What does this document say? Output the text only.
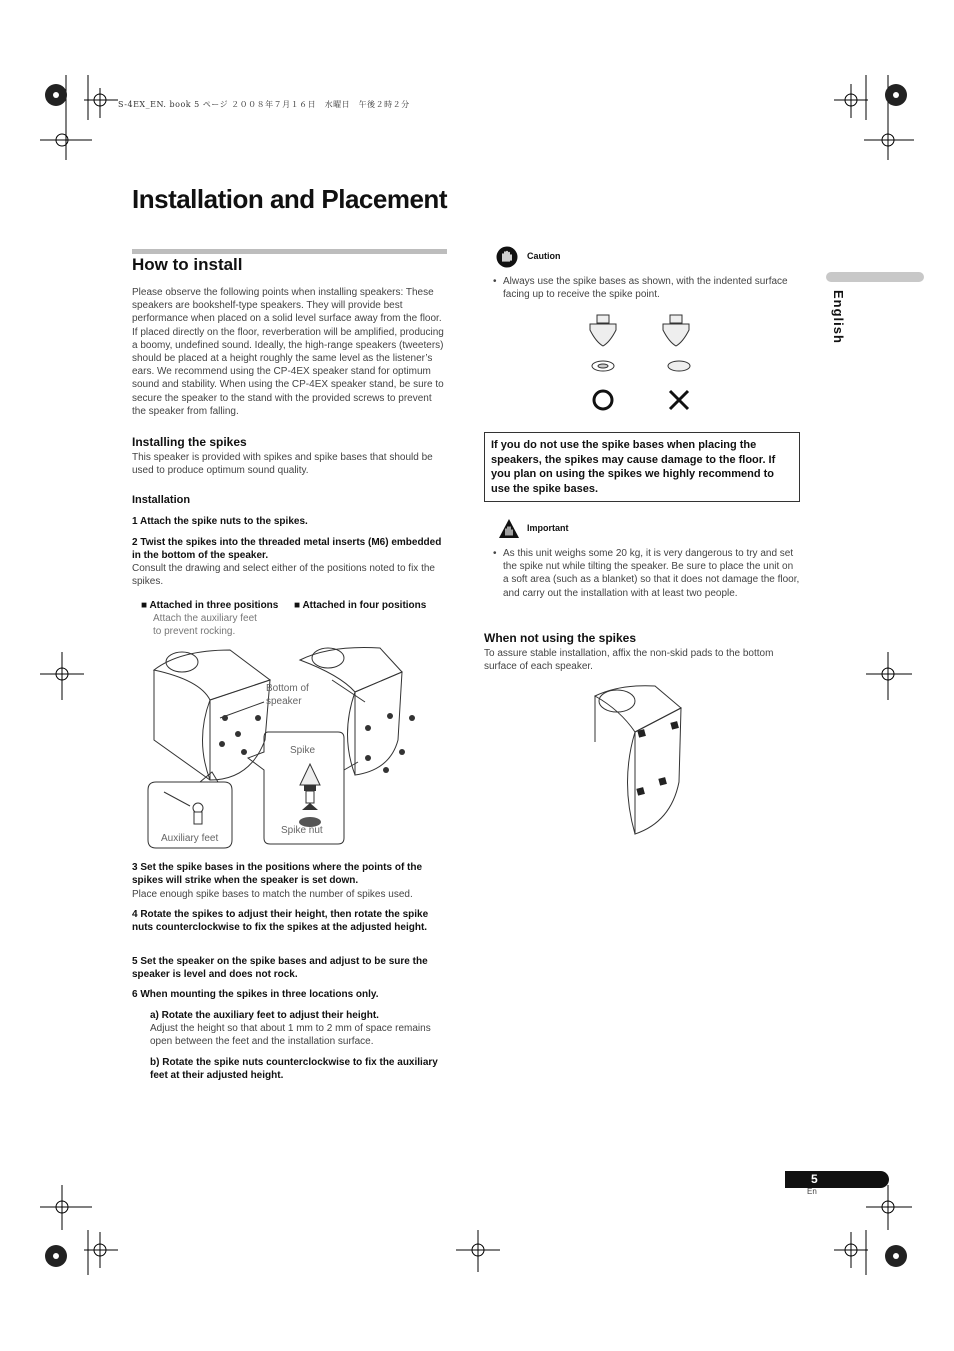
S-4EX_EN. book 5 ページ ２００８年７月１６日　水曜日　午後２時２分
Installation and Placement
How to install
Please observe the following points when installing speakers: These speakers are bookshelf-type speakers. They will provide best performance when placed on a solid level surface away from the floor. If placed directly on the floor, reverberation will be amplified, producing a boomy, undefined sound. Ideally, the high-range speakers (tweeters) should be placed at a height roughly the same level as the listener’s ears. We recommend using the CP-4EX speaker stand for optimum sound and stability. When using the CP-4EX speaker stand, be sure to secure the speaker to the stand with the provided screws to prevent the speaker from falling.
Installing the spikes
This speaker is provided with spikes and spike bases that should be used to produce optimum sound quality.
Installation
1 Attach the spike nuts to the spikes.
2 Twist the spikes into the threaded metal inserts (M6) embedded in the bottom of the speaker.
Consult the drawing and select either of the positions noted to fix the spikes.
■ Attached in three positions ■ Attached in four positions
Attach the auxiliary feet to prevent rocking.
Bottom of speaker
Spike
Spike nut
Auxiliary feet
3 Set the spike bases in the positions where the points of the spikes will strike when the speaker is set down.
Place enough spike bases to match the number of spikes used.
4 Rotate the spikes to adjust their height, then rotate the spike nuts counterclockwise to fix the spikes at the adjusted height.
5 Set the speaker on the spike bases and adjust to be sure the speaker is level and does not rock.
6 When mounting the spikes in three locations only.
a) Rotate the auxiliary feet to adjust their height.
Adjust the height so that about 1 mm to 2 mm of space remains open between the feet and the installation surface.
b) Rotate the spike nuts counterclockwise to fix the auxiliary feet at their adjusted height.
Caution
• Always use the spike bases as shown, with the indented surface facing up to receive the spike point.
If you do not use the spike bases when placing the speakers, the spikes may cause damage to the floor. If you plan on using the spikes we highly recommend to use the spike bases.
Important
• As this unit weighs some 20 kg, it is very dangerous to try and set the spike nut while tilting the speaker. Be sure to place the unit on a soft area (such as a blanket) so that it does not damage the floor, and carry out the installation with at least two people.
When not using the spikes
To assure stable installation, affix the non-skid pads to the bottom surface of each speaker.
English
5
En
